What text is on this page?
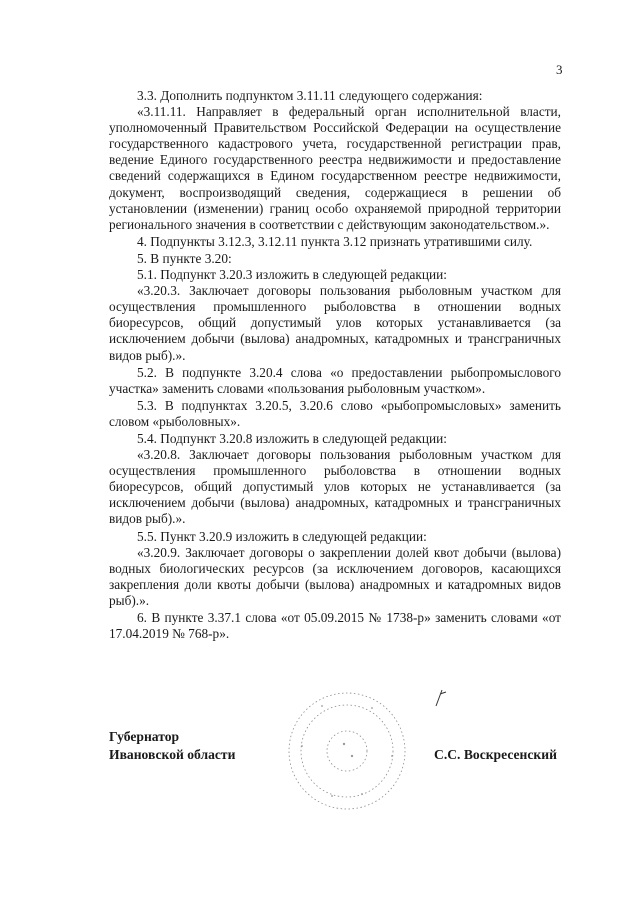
3

3.3. Дополнить подпунктом 3.11.11 следующего содержания:

«3.11.11. Направляет в федеральный орган исполнительной власти, уполномоченный Правительством Российской Федерации на осуществление государственного кадастрового учета, государственной регистрации прав, ведение Единого государственного реестра недвижимости и предоставление сведений содержащихся в Едином государственном реестре недвижимости, документ, воспроизводящий сведения, содержащиеся в решении об установлении (изменении) границ особо охраняемой природной территории регионального значения в соответствии с действующим законодательством.».

4. Подпункты 3.12.3, 3.12.11 пункта 3.12 признать утратившими силу.

5. В пункте 3.20:

5.1. Подпункт 3.20.3 изложить в следующей редакции:

«3.20.3. Заключает договоры пользования рыболовным участком для осуществления промышленного рыболовства в отношении водных биоресурсов, общий допустимый улов которых устанавливается (за исключением добычи (вылова) анадромных, катадромных и трансграничных видов рыб).».

5.2. В подпункте 3.20.4 слова «о предоставлении рыбопромыслового участка» заменить словами «пользования рыболовным участком».

5.3. В подпунктах 3.20.5, 3.20.6 слово «рыбопромысловых» заменить словом «рыболовных».

5.4. Подпункт 3.20.8 изложить в следующей редакции:

«3.20.8. Заключает договоры пользования рыболовным участком для осуществления промышленного рыболовства в отношении водных биоресурсов, общий допустимый улов которых не устанавливается (за исключением добычи (вылова) анадромных, катадромных и трансграничных видов рыб).».

5.5. Пункт 3.20.9 изложить в следующей редакции:

«3.20.9. Заключает договоры о закреплении долей квот добычи (вылова) водных биологических ресурсов (за исключением договоров, касающихся закрепления доли квоты добычи (вылова) анадромных и катадромных видов рыб).».

6. В пункте 3.37.1 слова «от 05.09.2015 № 1738-р» заменить словами «от 17.04.2019 № 768-р».

Губернатор
Ивановской области	С.С. Воскресенский
